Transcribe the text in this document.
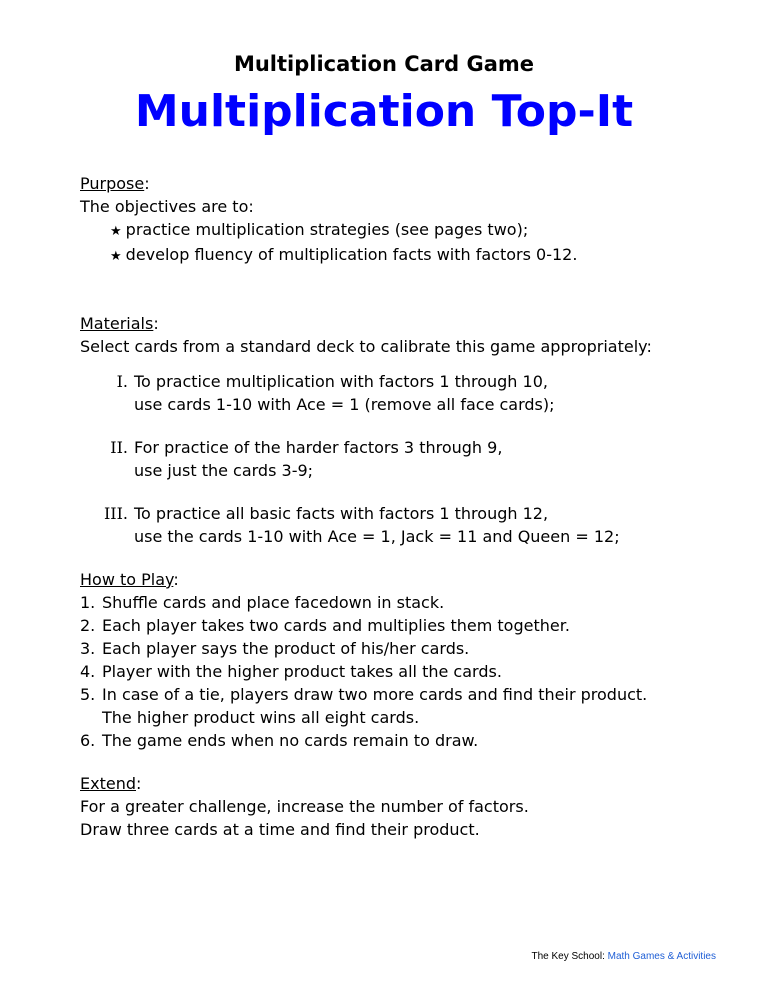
Multiplication Card Game
Multiplication Top-It
Purpose:
The objectives are to:
★ practice multiplication strategies (see pages two);
★ develop fluency of multiplication facts with factors 0-12.
Materials:
Select cards from a standard deck to calibrate this game appropriately:
I. To practice multiplication with factors 1 through 10,
use cards 1-10 with Ace = 1 (remove all face cards);
II. For practice of the harder factors 3 through 9,
use just the cards 3-9;
III. To practice all basic facts with factors 1 through 12,
use the cards 1-10 with Ace = 1, Jack = 11 and Queen = 12;
How to Play:
1. Shuffle cards and place facedown in stack.
2. Each player takes two cards and multiplies them together.
3. Each player says the product of his/her cards.
4. Player with the higher product takes all the cards.
5. In case of a tie, players draw two more cards and find their product.
The higher product wins all eight cards.
6. The game ends when no cards remain to draw.
Extend:
For a greater challenge, increase the number of factors.
Draw three cards at a time and find their product.
The Key School: Math Games & Activities
